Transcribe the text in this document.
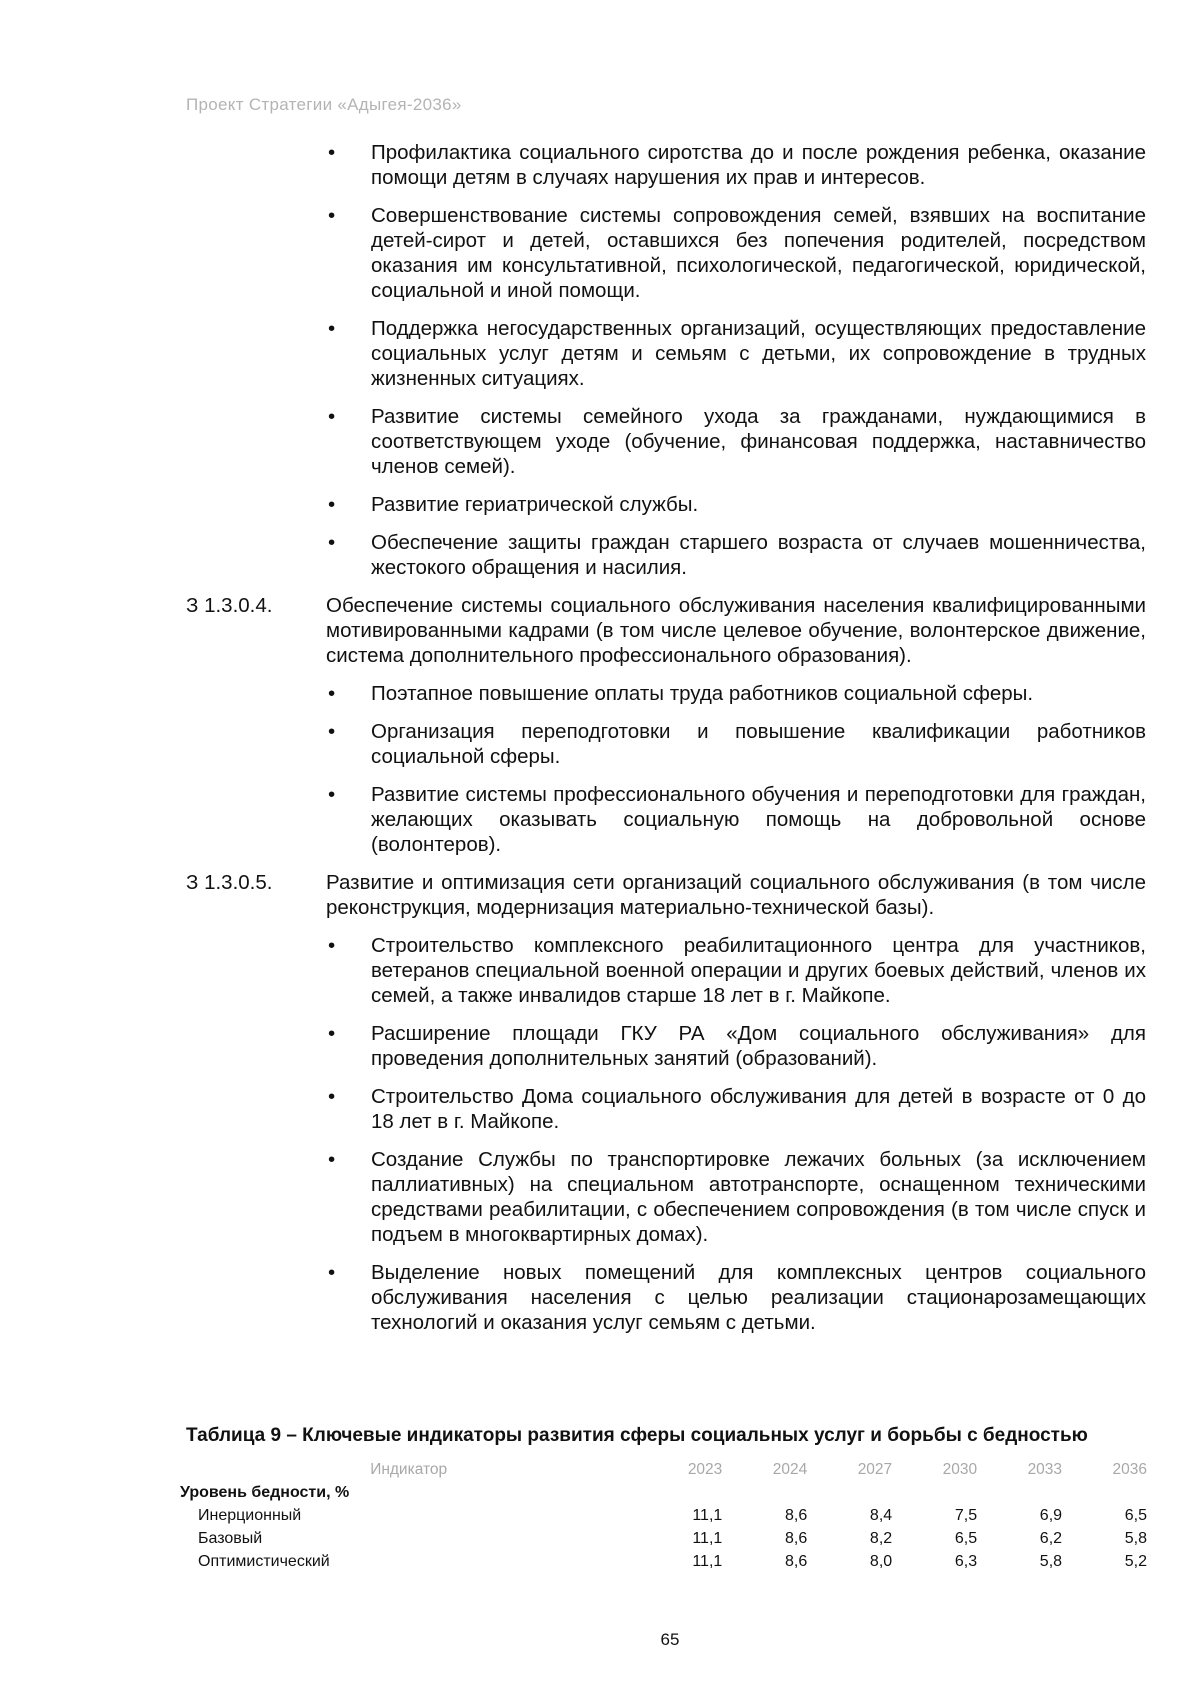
Проект Стратегии «Адыгея-2036»
• Профилактика социального сиротства до и после рождения ребенка, оказание помощи детям в случаях нарушения их прав и интересов.
• Совершенствование системы сопровождения семей, взявших на воспитание детей-сирот и детей, оставшихся без попечения родителей, посредством оказания им консультативной, психологической, педагогической, юридической, социальной и иной помощи.
• Поддержка негосударственных организаций, осуществляющих предоставление социальных услуг детям и семьям с детьми, их сопровождение в трудных жизненных ситуациях.
• Развитие системы семейного ухода за гражданами, нуждающимися в соответствующем уходе (обучение, финансовая поддержка, наставничество членов семей).
• Развитие гериатрической службы.
• Обеспечение защиты граждан старшего возраста от случаев мошенничества, жестокого обращения и насилия.
З 1.3.0.4.	Обеспечение системы социального обслуживания населения квалифицированными мотивированными кадрами (в том числе целевое обучение, волонтерское движение, система дополнительного профессионального образования).
• Поэтапное повышение оплаты труда работников социальной сферы.
• Организация переподготовки и повышение квалификации работников социальной сферы.
• Развитие системы профессионального обучения и переподготовки для граждан, желающих оказывать социальную помощь на добровольной основе (волонтеров).
З 1.3.0.5.	Развитие и оптимизация сети организаций социального обслуживания (в том числе реконструкция, модернизация материально-технической базы).
• Строительство комплексного реабилитационного центра для участников, ветеранов специальной военной операции и других боевых действий, членов их семей, а также инвалидов старше 18 лет в г. Майкопе.
• Расширение площади ГКУ РА «Дом социального обслуживания» для проведения дополнительных занятий (образований).
• Строительство Дома социального обслуживания для детей в возрасте от 0 до 18 лет в г. Майкопе.
• Создание Службы по транспортировке лежачих больных (за исключением паллиативных) на специальном автотранспорте, оснащенном техническими средствами реабилитации, с обеспечением сопровождения (в том числе спуск и подъем в многоквартирных домах).
• Выделение новых помещений для комплексных центров социального обслуживания населения с целью реализации стационарозамещающих технологий и оказания услуг семьям с детьми.
Таблица 9 – Ключевые индикаторы развития сферы социальных услуг и борьбы с бедностью
Индикатор	2023	2024	2027	2030	2033	2036
Уровень бедности, %						
Инерционный	11,1	8,6	8,4	7,5	6,9	6,5
Базовый	11,1	8,6	8,2	6,5	6,2	5,8
Оптимистический	11,1	8,6	8,0	6,3	5,8	5,2
65
